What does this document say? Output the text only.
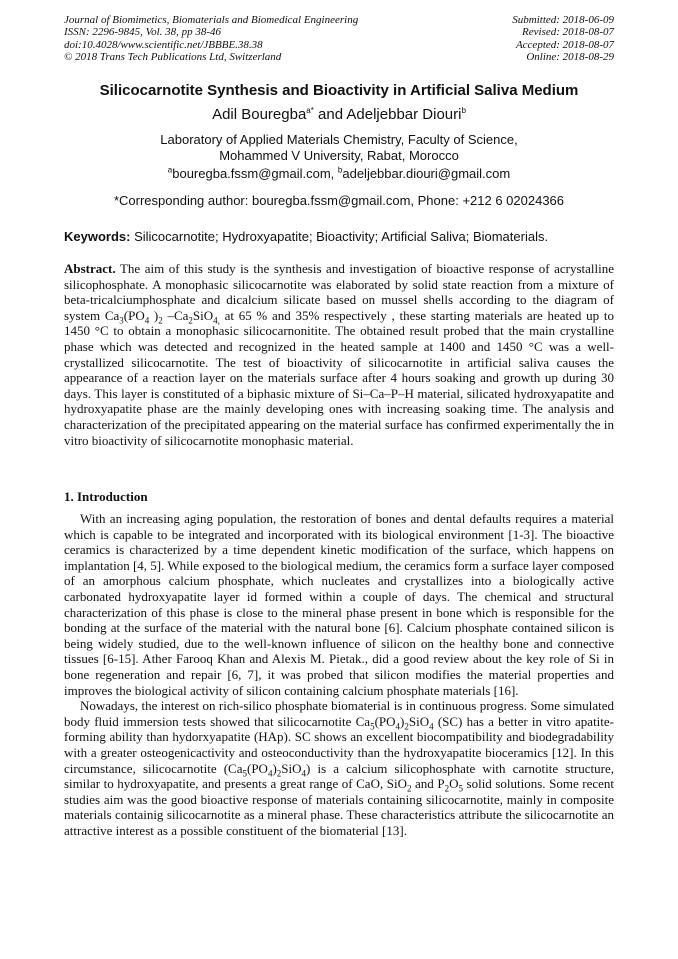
Journal of Biomimetics, Biomaterials and Biomedical Engineering
ISSN: 2296-9845, Vol. 38, pp 38-46
doi:10.4028/www.scientific.net/JBBBE.38.38
© 2018 Trans Tech Publications Ltd, Switzerland
Submitted: 2018-06-09
Revised: 2018-08-07
Accepted: 2018-08-07
Online: 2018-08-29
Silicocarnotite Synthesis and Bioactivity in Artificial Saliva Medium
Adil Bouregba$^{a*}$ and Adeljebbar Diouri$^b$
Laboratory of Applied Materials Chemistry, Faculty of Science,
Mohammed V University, Rabat, Morocco
$^a$bouregba.fssm@gmail.com, $^b$adeljebbar.diouri@gmail.com
*Corresponding author: bouregba.fssm@gmail.com, Phone: +212 6 02024366
Keywords: Silicocarnotite; Hydroxyapatite; Bioactivity; Artificial Saliva; Biomaterials.
Abstract. The aim of this study is the synthesis and investigation of bioactive response of acrystalline silicophosphate. A monophasic silicocarnotite was elaborated by solid state reaction from a mixture of beta-tricalciumphosphate and dicalcium silicate based on mussel shells according to the diagram of system $Ca_3(PO_4$ )$_2$ $-Ca_2SiO_{4,}$ at 65 % and 35% respectively , these starting materials are heated up to 1450 °C to obtain a monophasic silicocarnonitite. The obtained result probed that the main crystalline phase which was detected and recognized in the heated sample at 1400 and 1450 °C was a well-crystallized silicocarnotite. The test of bioactivity of silicocarnotite in artificial saliva causes the appearance of a reaction layer on the materials surface after 4 hours soaking and growth up during 30 days. This layer is constituted of a biphasic mixture of Si–Ca–P–H material, silicated hydroxyapatite and hydroxyapatite phase are the mainly developing ones with increasing soaking time. The analysis and characterization of the precipitated appearing on the material surface has confirmed experimentally the in vitro bioactivity of silicocarnotite monophasic material.
1. Introduction

With an increasing aging population, the restoration of bones and dental defaults requires a material which is capable to be integrated and incorporated with its biological environment [1-3]. The bioactive ceramics is characterized by a time dependent kinetic modification of the surface, which happens on implantation [4, 5]. While exposed to the biological medium, the ceramics form a surface layer composed of an amorphous calcium phosphate, which nucleates and crystallizes into a biologically active carbonated hydroxyapatite layer id formed within a couple of days. The chemical and structural characterization of this phase is close to the mineral phase present in bone which is responsible for the bonding at the surface of the material with the natural bone [6]. Calcium phosphate contained silicon is being widely studied, due to the well-known influence of silicon on the healthy bone and connective tissues [6-15]. Ather Farooq Khan and Alexis M. Pietak., did a good review about the key role of Si in bone regeneration and repair [6, 7], it was probed that silicon modifies the material properties and improves the biological activity of silicon containing calcium phosphate materials [16].

Nowadays, the interest on rich-silico phosphate biomaterial is in continuous progress. Some simulated body fluid immersion tests showed that silicocarnotite $Ca_5(PO_4)_2SiO_4$ (SC) has a better in vitro apatite-forming ability than hydorxyapatite (HAp). SC shows an excellent biocompatibility and biodegradability with a greater osteogenicactivity and osteoconductivity than the hydroxyapatite bioceramics [12]. In this circumstance, silicocarnotite $(Ca_5(PO_4)_2SiO_4)$ is a calcium silicophosphate with carnotite structure, similar to hydroxyapatite, and presents a great range of CaO, SiO$_2$ and $P_2O_5$ solid solutions. Some recent studies aim was the good bioactive response of materials containing silicocarnotite, mainly in composite materials containig silicocarnotite as a mineral phase. These characteristics attribute the silicocarnotite an attractive interest as a possible constituent of the biomaterial [13].
